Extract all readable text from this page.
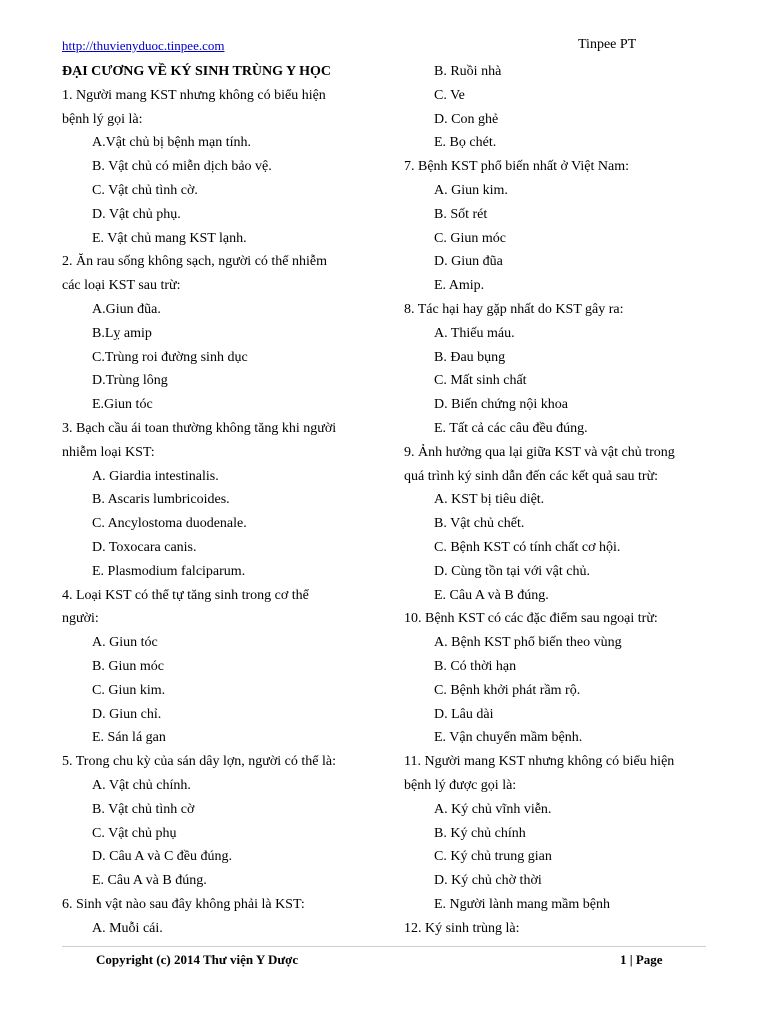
http://thuvienyduoc.tinpee.com	Tinpee PT
ĐẠI CƯƠNG VỀ KÝ SINH TRÙNG Y HỌC
1. Người mang KST nhưng không có biểu hiện
bệnh lý gọi là:
A.Vật chủ bị bệnh mạn tính.
B. Vật chủ có miễn dịch bảo vệ.
C. Vật chủ tình cờ.
D. Vật chủ phụ.
E. Vật chủ mang KST lạnh.
2. Ăn rau sống không sạch, người có thể nhiễm
các loại KST sau trừ:
A.Giun đũa.
B.Lỵ amip
C.Trùng roi đường sinh dục
D.Trùng lông
E.Giun tóc
3. Bạch cầu ái toan thường không tăng khi người
nhiễm loại KST:
A. Giardia intestinalis.
B. Ascaris lumbricoides.
C. Ancylostoma duodenale.
D. Toxocara canis.
E. Plasmodium falciparum.
4. Loại KST có thể tự tăng sinh trong cơ thể
người:
A. Giun tóc
B. Giun móc
C. Giun kim.
D. Giun chỉ.
E. Sán lá gan
5. Trong chu kỳ của sán dây lợn, người có thể là:
A. Vật chủ chính.
B. Vật chủ tình cờ
C. Vật chủ phụ
D. Câu A và C đều đúng.
E. Câu A và B đúng.
6. Sinh vật nào sau đây không phải là KST:
A. Muỗi cái.
B. Ruồi nhà
C. Ve
D. Con ghẻ
E. Bọ chét.
7. Bệnh KST phổ biến nhất ở Việt Nam:
A. Giun kim.
B. Sốt rét
C. Giun móc
D. Giun đũa
E. Amip.
8. Tác hại hay gặp nhất do KST gây ra:
A. Thiếu máu.
B. Đau bụng
C. Mất sinh chất
D. Biến chứng nội khoa
E. Tất cả các câu đều đúng.
9. Ảnh hưởng qua lại giữa KST và vật chủ trong
quá trình ký sinh dẫn đến các kết quả sau trừ:
A. KST bị tiêu diệt.
B. Vật chủ chết.
C. Bệnh KST có tính chất cơ hội.
D. Cùng tồn tại với vật chủ.
E. Câu A và B đúng.
10. Bệnh KST có các đặc điểm sau ngoại trừ:
A. Bệnh KST phổ biến theo vùng
B. Có thời hạn
C. Bệnh khởi phát rầm rộ.
D. Lâu dài
E. Vận chuyển mầm bệnh.
11. Người mang KST nhưng không có biểu hiện
bệnh lý được gọi là:
A. Ký chủ vĩnh viễn.
B. Ký chủ chính
C. Ký chủ trung gian
D. Ký chủ chờ thời
E. Người lành mang mầm bệnh
12. Ký sinh trùng là:
Copyright (c) 2014 Thư viện Y Dược	1 | Page
